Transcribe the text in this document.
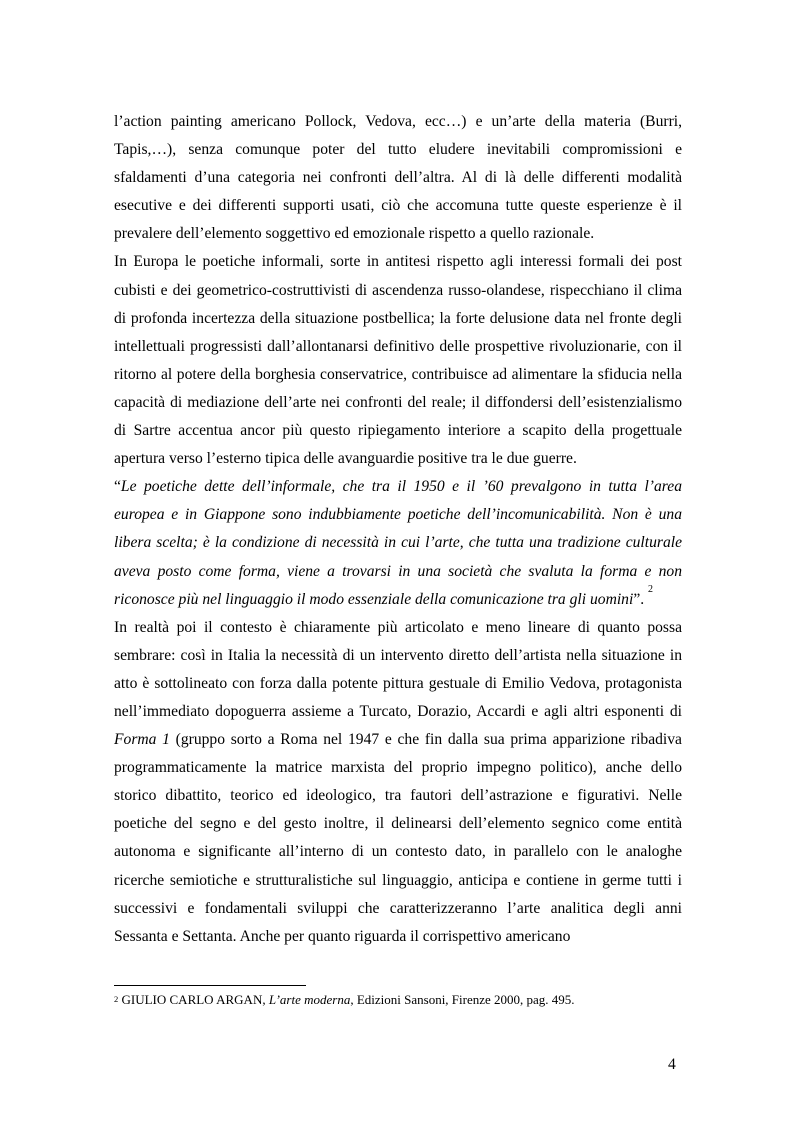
l’action painting americano Pollock, Vedova, ecc…) e un’arte della materia (Burri, Tapis,…), senza comunque poter del tutto eludere inevitabili compromissioni e sfaldamenti d’una categoria nei confronti dell’altra. Al di là delle differenti modalità esecutive e dei differenti supporti usati, ciò che accomuna tutte queste esperienze è il prevalere dell’elemento soggettivo ed emozionale rispetto a quello razionale.

In Europa le poetiche informali, sorte in antitesi rispetto agli interessi formali dei post cubisti e dei geometrico-costruttivisti di ascendenza russo-olandese, rispecchiano il clima di profonda incertezza della situazione postbellica; la forte delusione data nel fronte degli intellettuali progressisti dall’allontanarsi definitivo delle prospettive rivoluzionarie, con il ritorno al potere della borghesia conservatrice, contribuisce ad alimentare la sfiducia nella capacità di mediazione dell’arte nei confronti del reale; il diffondersi dell’esistenzialismo di Sartre accentua ancor più questo ripiegamento interiore a scapito della progettuale apertura verso l’esterno tipica delle avanguardie positive tra le due guerre.

“Le poetiche dette dell’informale, che tra il 1950 e il ’60 prevalgono in tutta l’area europea e in Giappone sono indubbiamente poetiche dell’incomunicabilità. Non è una libera scelta; è la condizione di necessità in cui l’arte, che tutta una tradizione culturale aveva posto come forma, viene a trovarsi in una società che svaluta la forma e non riconosce più nel linguaggio il modo essenziale della comunicazione tra gli uomini”. $^2$

In realtà poi il contesto è chiaramente più articolato e meno lineare di quanto possa sembrare: così in Italia la necessità di un intervento diretto dell’artista nella situazione in atto è sottolineato con forza dalla potente pittura gestuale di Emilio Vedova, protagonista nell’immediato dopoguerra assieme a Turcato, Dorazio, Accardi e agli altri esponenti di Forma 1 (gruppo sorto a Roma nel 1947 e che fin dalla sua prima apparizione ribadiva programmaticamente la matrice marxista del proprio impegno politico), anche dello storico dibattito, teorico ed ideologico, tra fautori dell’astrazione e figurativi. Nelle poetiche del segno e del gesto inoltre, il delinearsi dell’elemento segnico come entità autonoma e significante all’interno di un contesto dato, in parallelo con le analoghe ricerche semiotiche e strutturalistiche sul linguaggio, anticipa e contiene in germe tutti i successivi e fondamentali sviluppi che caratterizzeranno l’arte analitica degli anni Sessanta e Settanta. Anche per quanto riguarda il corrispettivo americano

$^2$ GIULIO CARLO ARGAN, L’arte moderna, Edizioni Sansoni, Firenze 2000, pag. 495.
4
